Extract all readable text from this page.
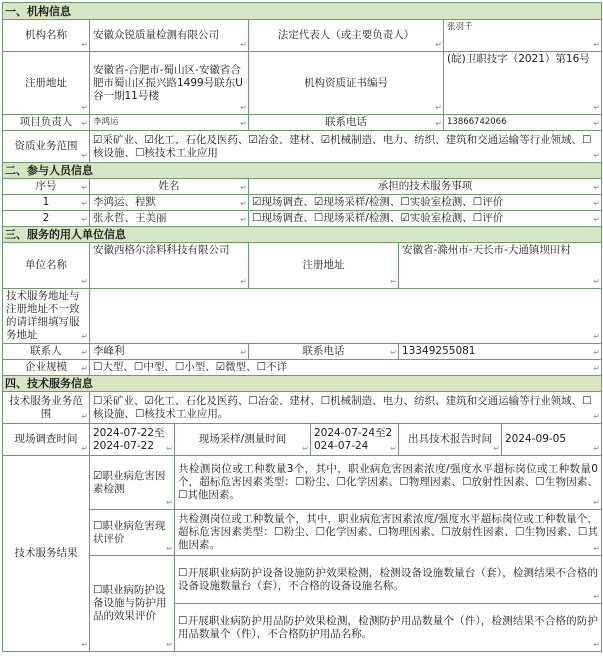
一、机构信息							
机构名称 ↵	安徽众锐质量检测有限公司 ↵		法定代表人（或主要负责人） ↵			张羽千 ↵
注册地址 ↵	安徽省-合肥市-蜀山区-安徽省合肥市蜀山区振兴路1499号联东U谷一期11号楼 ↵		机构资质证书编号 ↵			(皖)卫职技字（2021）第16号 ↵
项目负责人 ↵	李鸿运 ↵		联系电话 ↵			13866742066 ↵
资质业务范围 ↵	☑采矿业、☑化工、石化及医药、☑冶金、建材、☑机械制造、电力、纺织、建筑和交通运输等行业领域、☐核设施、☐核技术工业应用 ↵
二、参与人员信息							
序号 ↵	姓名 ↵		承担的技术服务事项 ↵
1 ↵	李鸿运、程默 ↵		☑现场调查、☑现场采样/检测、☐实验室检测、☐评价 ↵
2 ↵	张永哲、王美丽 ↵		☐现场调查、☐现场采样/检测、☑实验室检测、☐评价 ↵
三、服务的用人单位信息							
单位名称 ↵	安徽西格尔涂料科技有限公司 ↵		注册地址 ↵		安徽省-滁州市-天长市-大通镇坝田村 ↵
技术服务地址与注册地址不一致的请详细填写服务地址 ↵	↵
联系人 ↵	李峰利 ↵		联系电话 ↵		13349255081 ↵
企业规模 ↵	☐大型、☐中型、☐小型、☑微型、☐不详 ↵
四、技术服务信息							
技术服务业务范围 ↵	☐采矿业、☑化工、石化及医药、☐冶金、建材、☐机械制造、电力、纺织、建筑和交通运输等行业领域、☐核设施、☐核技术工业应用。 ↵
现场调查时间 ↵	2024-07-22至2024-07-22 ↵	现场采样/测量时间 ↵		2024-07-24至2024-07-24 ↵	出具技术报告时间 ↵		2024-09-05 ↵
技术服务结果 ↵	☑职业病危害因素检测 ↵	共检测岗位或工种数量3个，其中，职业病危害因素浓度/强度水平超标岗位或工种数量0个，超标危害因素类型：☐粉尘、☐化学因素、☐物理因素、☐放射性因素、☐生物因素、☐其他因素。 ↵
	☐职业病危害现状评价 ↵	共检测岗位或工种数量个，其中，职业病危害因素浓度/强度水平超标岗位或工种数量个，超标危害因素类型：☐粉尘、☐化学因素、☐物理因素、☐放射性因素、☐生物因素、☐其他因素。 ↵
	☐职业病防护设备设施与防护用品的效果评价 ↵	☐开展职业病防护设备设施防护效果检测，检测设备设施数量台（套），检测结果不合格的设备设施数量台（套），不合格的设备设施名称。 ↵
		☐开展职业病防护用品防护效果检测，检测防护用品数量个（件），检测结果不合格的防护用品数量个（件），不合格防护用品名称。 ↵
